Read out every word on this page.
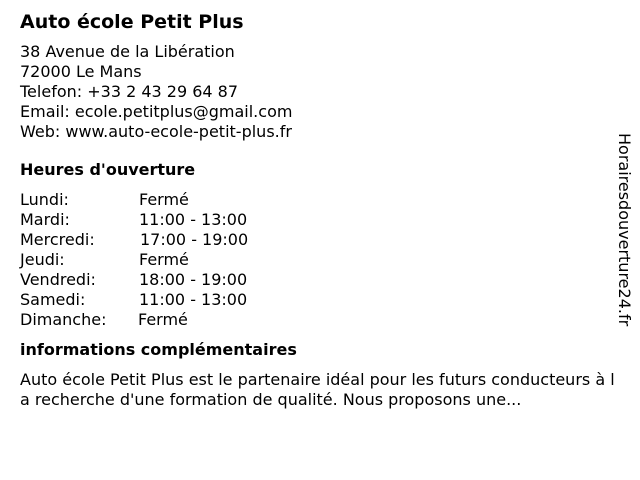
Auto école Petit Plus
38 Avenue de la Libération
72000 Le Mans
Telefon: +33 2 43 29 64 87
Email: ecole.petitplus@gmail.com
Web: www.auto-ecole-petit-plus.fr
Heures d'ouverture
Lundi:	Fermé
Mardi:	11:00 - 13:00
Mercredi:	17:00 - 19:00
Jeudi:	Fermé
Vendredi:	18:00 - 19:00
Samedi:	11:00 - 13:00
Dimanche: Fermé
informations complémentaires
Auto école Petit Plus est le partenaire idéal pour les futurs conducteurs à la recherche d'une formation de qualité. Nous proposons une...
Horairesdouverture24.fr
